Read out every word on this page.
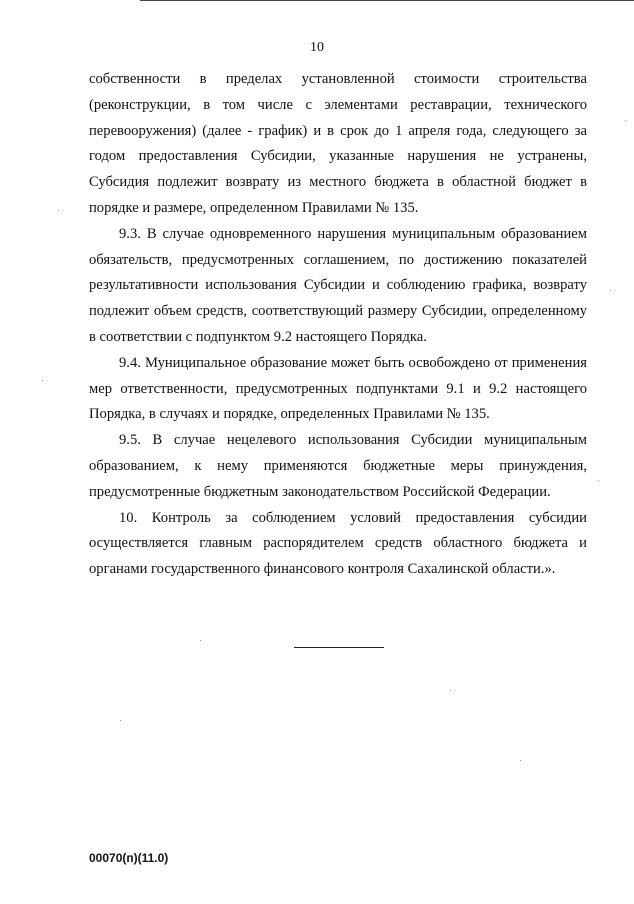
10

собственности в пределах установленной стоимости строительства (реконструкции, в том числе с элементами реставрации, технического перевооружения) (далее - график) и в срок до 1 апреля года, следующего за годом предоставления Субсидии, указанные нарушения не устранены, Субсидия подлежит возврату из местного бюджета в областной бюджет в порядке и размере, определенном Правилами № 135.

9.3. В случае одновременного нарушения муниципальным образованием обязательств, предусмотренных соглашением, по достижению показателей результативности использования Субсидии и соблюдению графика, возврату подлежит объем средств, соответствующий размеру Субсидии, определенному в соответствии с подпунктом 9.2 настоящего Порядка.

9.4. Муниципальное образование может быть освобождено от применения мер ответственности, предусмотренных подпунктами 9.1 и 9.2 настоящего Порядка, в случаях и порядке, определенных Правилами № 135.

9.5. В случае нецелевого использования Субсидии муниципальным образованием, к нему применяются бюджетные меры принуждения, предусмотренные бюджетным законодательством Российской Федерации.

10. Контроль за соблюдением условий предоставления субсидии осуществляется главным распорядителем средств областного бюджета и органами государственного финансового контроля Сахалинской области.».

00070(п)(11.0)
